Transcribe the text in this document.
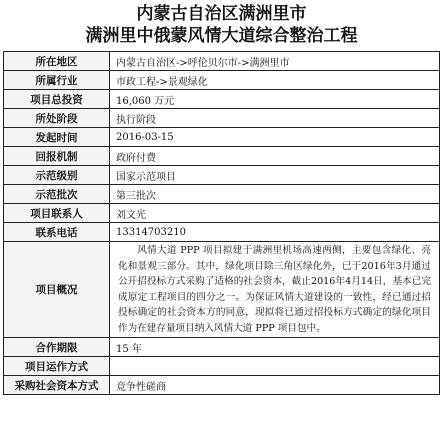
内蒙古自治区满洲里市
满洲里中俄蒙风情大道综合整治工程
所在地区	内蒙古自治区->呼伦贝尔市->满洲里市
所属行业	市政工程->景观绿化
项目总投资	16,060 万元
所处阶段	执行阶段
发起时间	2016-03-15
回报机制	政府付费
示范级别	国家示范项目
示范批次	第三批次
项目联系人	刘文光
联系电话	13314703210
项目概况	风情大道 PPP 项目拟建于满洲里机场高速两侧，主要包含绿化、亮化和景观三部分。其中，绿化项目除三角区绿化外，已于2016年3月通过公开招投标方式采购了适格的社会资本，截止2016年4月14日，基本已完成原定工程项目的四分之一。为保证风情大道建设的一致性，经已通过招投标确定的社会资本方的同意，现拟将已通过招投标方式确定的绿化项目作为在建存量项目纳入风情大道 PPP 项目包中。

合作期限	15 年
项目运作方式	
采购社会资本方式	竞争性磋商
